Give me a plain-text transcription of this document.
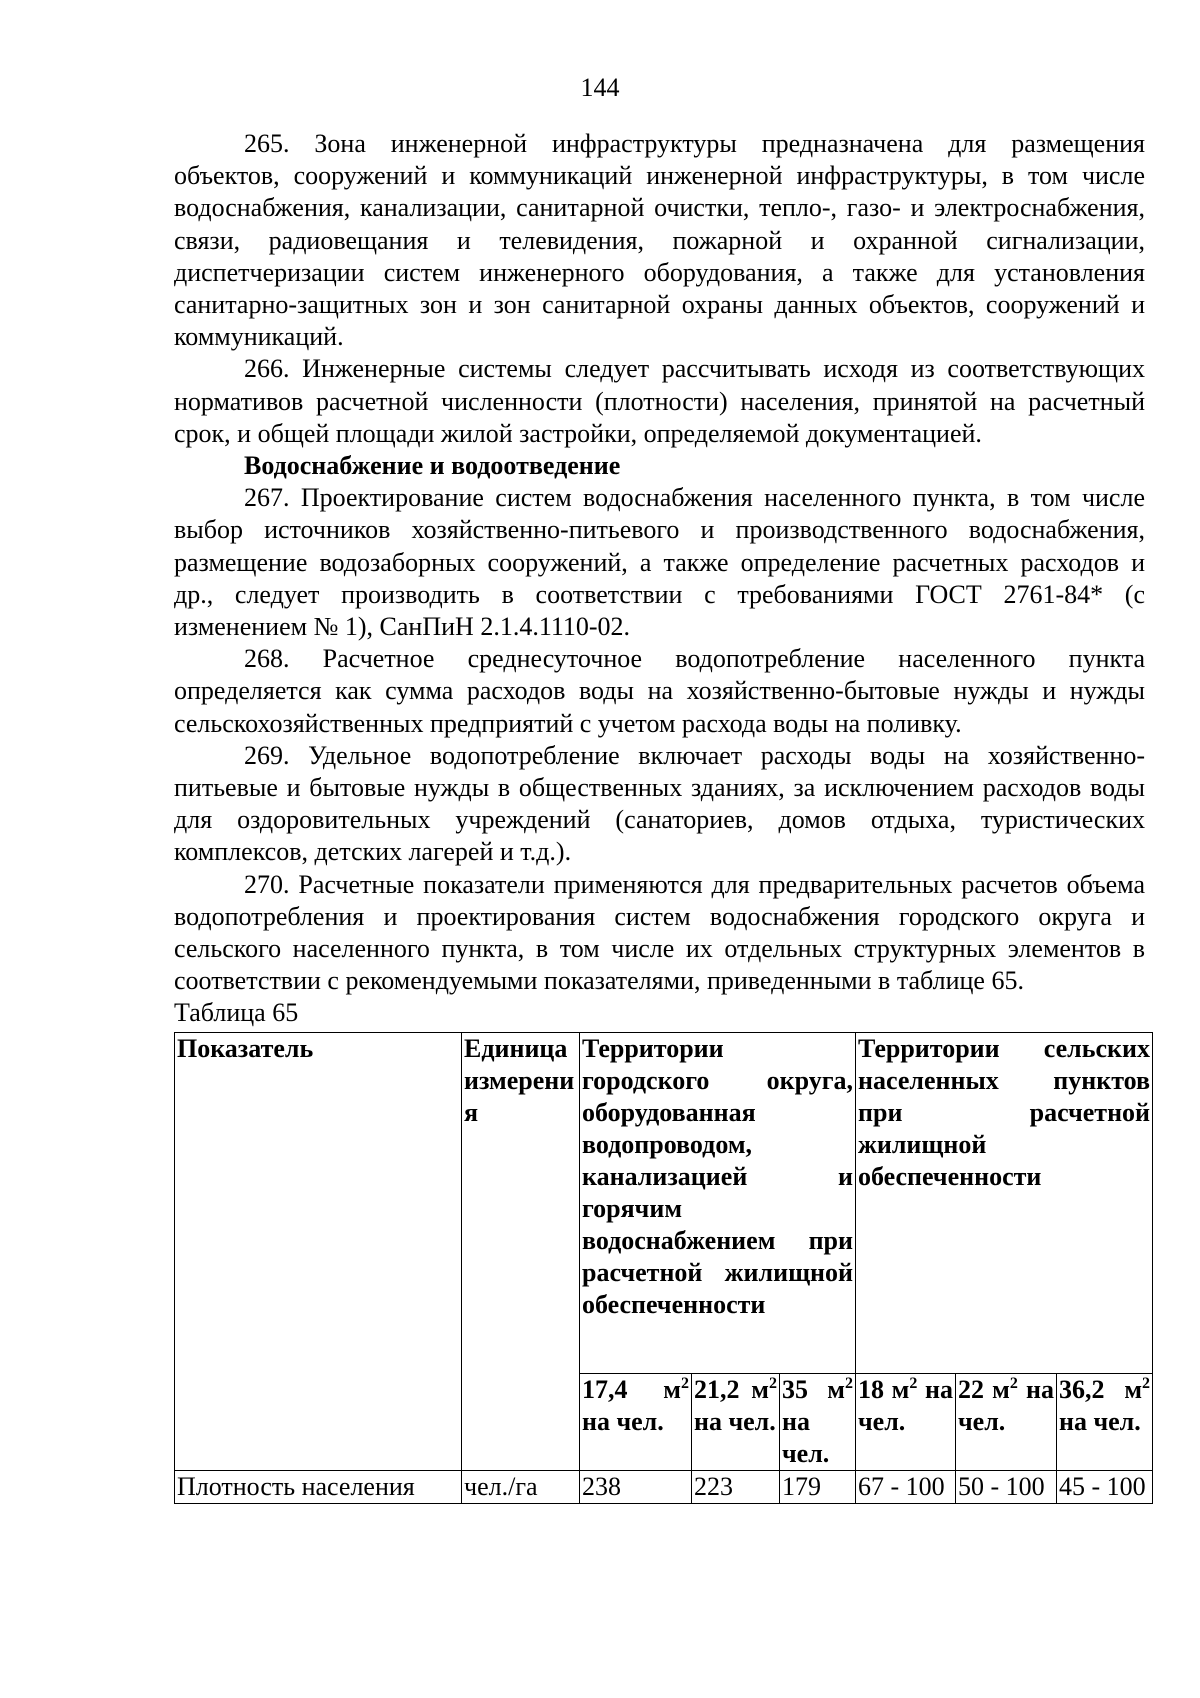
144

265. Зона инженерной инфраструктуры предназначена для размещения объектов, сооружений и коммуникаций инженерной инфраструктуры, в том числе водоснабжения, канализации, санитарной очистки, тепло-, газо- и электроснабжения, связи, радиовещания и телевидения, пожарной и охранной сигнализации, диспетчеризации систем инженерного оборудования, а также для установления санитарно-защитных зон и зон санитарной охраны данных объектов, сооружений и коммуникаций.

266. Инженерные системы следует рассчитывать исходя из соответствующих нормативов расчетной численности (плотности) населения, принятой на расчетный срок, и общей площади жилой застройки, определяемой документацией.

Водоснабжение и водоотведение

267. Проектирование систем водоснабжения населенного пункта, в том числе выбор источников хозяйственно-питьевого и производственного водоснабжения, размещение водозаборных сооружений, а также определение расчетных расходов и др., следует производить в соответствии с требованиями ГОСТ 2761-84* (с изменением № 1), СанПиН 2.1.4.1110-02.

268. Расчетное среднесуточное водопотребление населенного пункта определяется как сумма расходов воды на хозяйственно-бытовые нужды и нужды сельскохозяйственных предприятий с учетом расхода воды на поливку.

269. Удельное водопотребление включает расходы воды на хозяйственно-питьевые и бытовые нужды в общественных зданиях, за исключением расходов воды для оздоровительных учреждений (санаториев, домов отдыха, туристических комплексов, детских лагерей и т.д.).

270. Расчетные показатели применяются для предварительных расчетов объема водопотребления и проектирования систем водоснабжения городского округа и сельского населенного пункта, в том числе их отдельных структурных элементов в соответствии с рекомендуемыми показателями, приведенными в таблице 65.

Таблица 65

Показатель	Единица измерения	Территории городского округа, оборудованная водопроводом, канализацией и горячим водоснабжением при расчетной жилищной обеспеченности			Территории сельских населенных пунктов при расчетной жилищной обеспеченности		
		17,4 $м^2$ на чел.	21,2 $м^2$ на чел.	35 $м^2$ на чел.	18 $м^2$ на чел.	22 $м^2$ на чел.	36,2 $м^2$ на чел.
Плотность населения	чел./га	238	223	179	67 - 100	50 - 100	45 - 100
